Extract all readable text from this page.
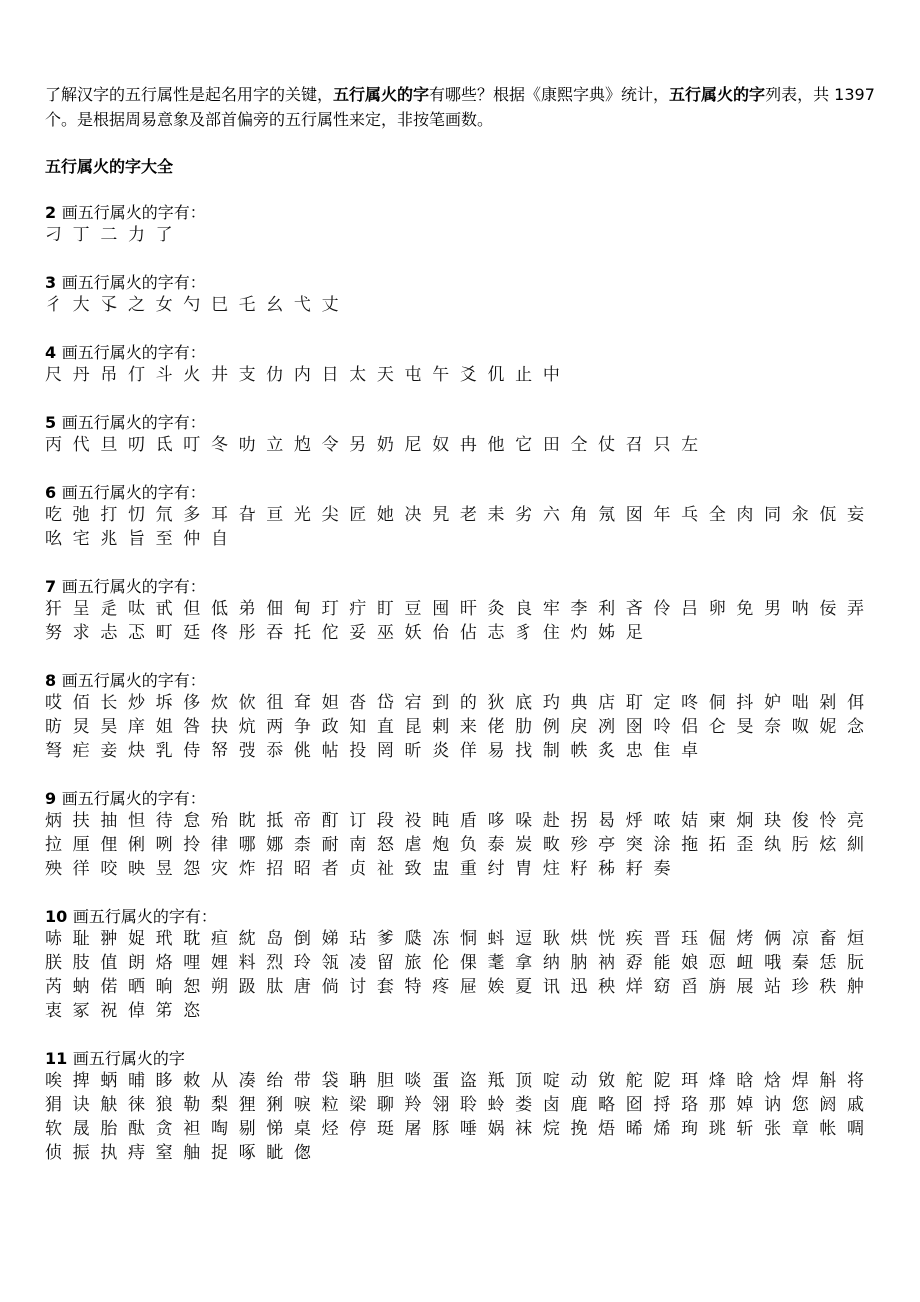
了解汉字的五行属性是起名用字的关键，五行属火的字有哪些？根据《康熙字典》统计，五行属火的字列表，共 1397 个。是根据周易意象及部首偏旁的五行属性来定，非按笔画数。

五行属火的字大全
2 画五行属火的字有：
刁 丁 二 力 了
3 画五行属火的字有：
彳 大 孓 之 女 勺 巳 乇 幺 弋 丈
4 画五行属火的字有：
尺 丹 吊 仃 斗 火 井 支 仂 内 日 太 天 屯 午 爻 仉 止 中
5 画五行属火的字有：
丙 代 旦 叨 氐 叮 冬 叻 立 尥 令 另 奶 尼 奴 冉 他 它 田 仝 仗 召 只 左
6 画五行属火的字有：
吃 弛 打 忉 氘 多 耳 旮 亘 光 尖 匠 她 决 旯 老 耒 劣 六 角 氖 囡 年 乓 全 肉 同 汆 佤 妄
吆 宅 兆 旨 至 仲 自
7 画五行属火的字有：
犴 呈 辵 呔 甙 但 低 弟 佃 甸 玎 疔 盯 豆 囤 旰 灸 良 牢 李 利 吝 伶 吕 卵 免 男 呐 佞 弄
努 求 忐 忑 町 廷 佟 彤 吞 托 佗 妥 巫 妖 佁 佔 志 豸 住 灼 姊 足
8 画五行属火的字有：
哎 佰 长 炒 坼 侈 炊 佽 徂 耷 妲 沓 岱 宕 到 的 狄 底 玓 典 店 耵 定 咚 侗 抖 妒 咄 剁 佴
昉 炅 昊 庠 姐 咎 抉 炕 两 争 政 知 直 昆 剌 来 佬 肋 例 戾 冽 囹 呤 侣 仑 旻 奈 呶 妮 念
弩 疟 妾 炔 乳 侍 帑 弢 忝 佻 帖 投 罔 昕 炎 佯 易 找 制 帙 炙 忠 隹 卓
9 画五行属火的字有：
炳 扶 抽 怛 待 怠 殆 眈 抵 帝 酊 订 段 祋 盹 盾 哆 哚 赴 拐 曷 烀 哝 姞 柬 炯 玦 俊 怜 亮
拉 厘 俚 俐 咧 拎 律 哪 娜 柰 耐 南 怒 虐 炮 负 泰 炭 畋 殄 亭 突 涂 拖 拓 歪 纨 肟 炫 紃
殃 徉 咬 映 昱 怨 灾 炸 招 昭 者 贞 祉 致 盅 重 纣 胄 炷 籽 秭 耔 奏
10 画五行属火的字有：
哧 耻 翀 娖 玳 耽 疸 紞 岛 倒 娣 玷 爹 瓞 冻 恫 蚪 逗 耿 烘 恍 疾 晋 珏 倔 烤 俩 凉 畜 烜
朕 肢 值 朗 烙 哩 娌 料 烈 玲 瓴 凌 留 旅 伦 倮 耄 拿 纳 肭 衲 孬 能 娘 恧 衄 哦 秦 恁 朊
芮 蚋 偌 晒 晌 恕 朔 趿 肽 唐 倘 讨 套 特 疼 屉 娭 夏 讯 迅 秧 烊 窈 舀 旃 展 站 珍 秩 舯
衷 冢 祝 倬 笫 恣
11 画五行属火的字
唉 捭 蛃 晡 眵 敇 从 凑 绐 带 袋 聃 胆 啖 蛋 盗 羝 顶 啶 动 敓 舵 阸 珥 烽 晗 焓 焊 斛 将
狷 诀 觖 徕 狼 勒 梨 狸 猁 唳 粒 梁 聊 羚 翎 聆 蛉 娄 卤 鹿 略 囵 捋 珞 那 婥 讷 您 阏 戚
软 晟 胎 酞 贪 袒 啕 剔 悌 桌 烃 停 珽 屠 豚 唾 娲 袜 烷 挽 焐 晞 烯 珣 珧 斩 张 章 帐 啁
侦 振 执 痔 窒 舳 捉 啄 眦 偬
